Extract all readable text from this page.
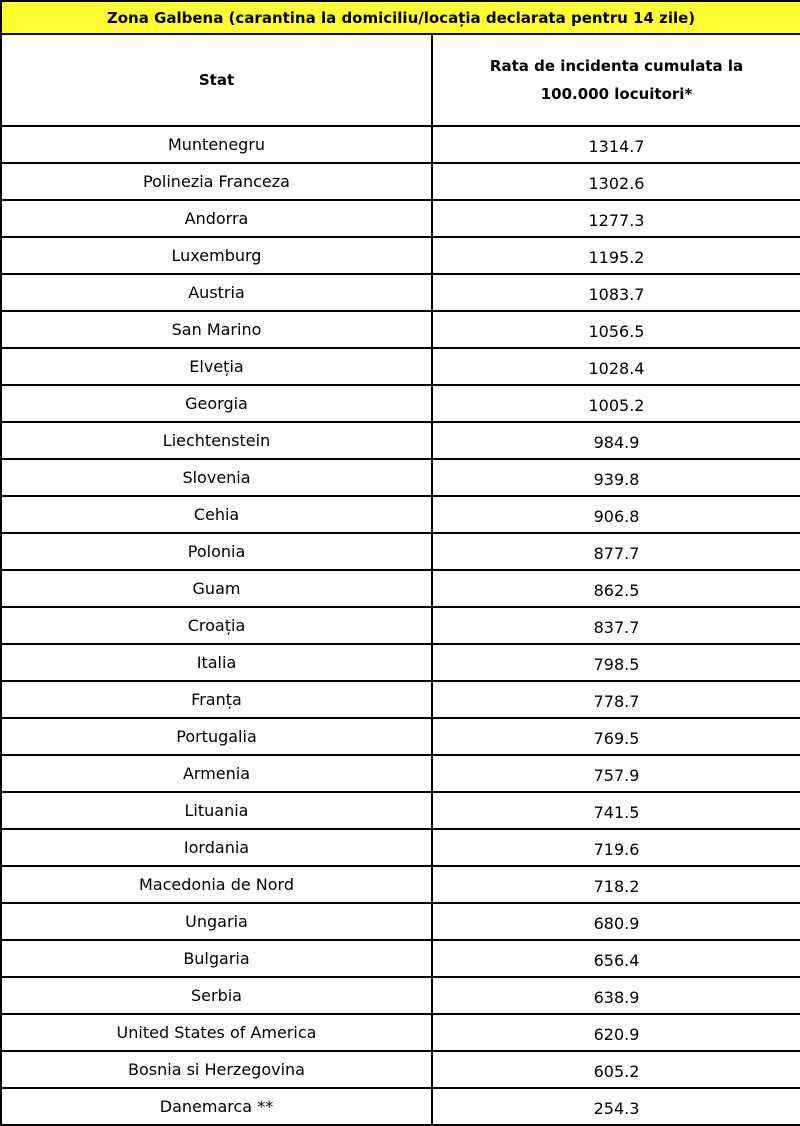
Zona Galbena (carantina la domiciliu/locația declarata pentru 14 zile)	
Stat	Rata de incidenta cumulata la
100.000 locuitori*
Muntenegru	1314.7
Polinezia Franceza	1302.6
Andorra	1277.3
Luxemburg	1195.2
Austria	1083.7
San Marino	1056.5
Elveția	1028.4
Georgia	1005.2
Liechtenstein	984.9
Slovenia	939.8
Cehia	906.8
Polonia	877.7
Guam	862.5
Croația	837.7
Italia	798.5
Franța	778.7
Portugalia	769.5
Armenia	757.9
Lituania	741.5
Iordania	719.6
Macedonia de Nord	718.2
Ungaria	680.9
Bulgaria	656.4
Serbia	638.9
United States of America	620.9
Bosnia si Herzegovina	605.2
Danemarca **	254.3
